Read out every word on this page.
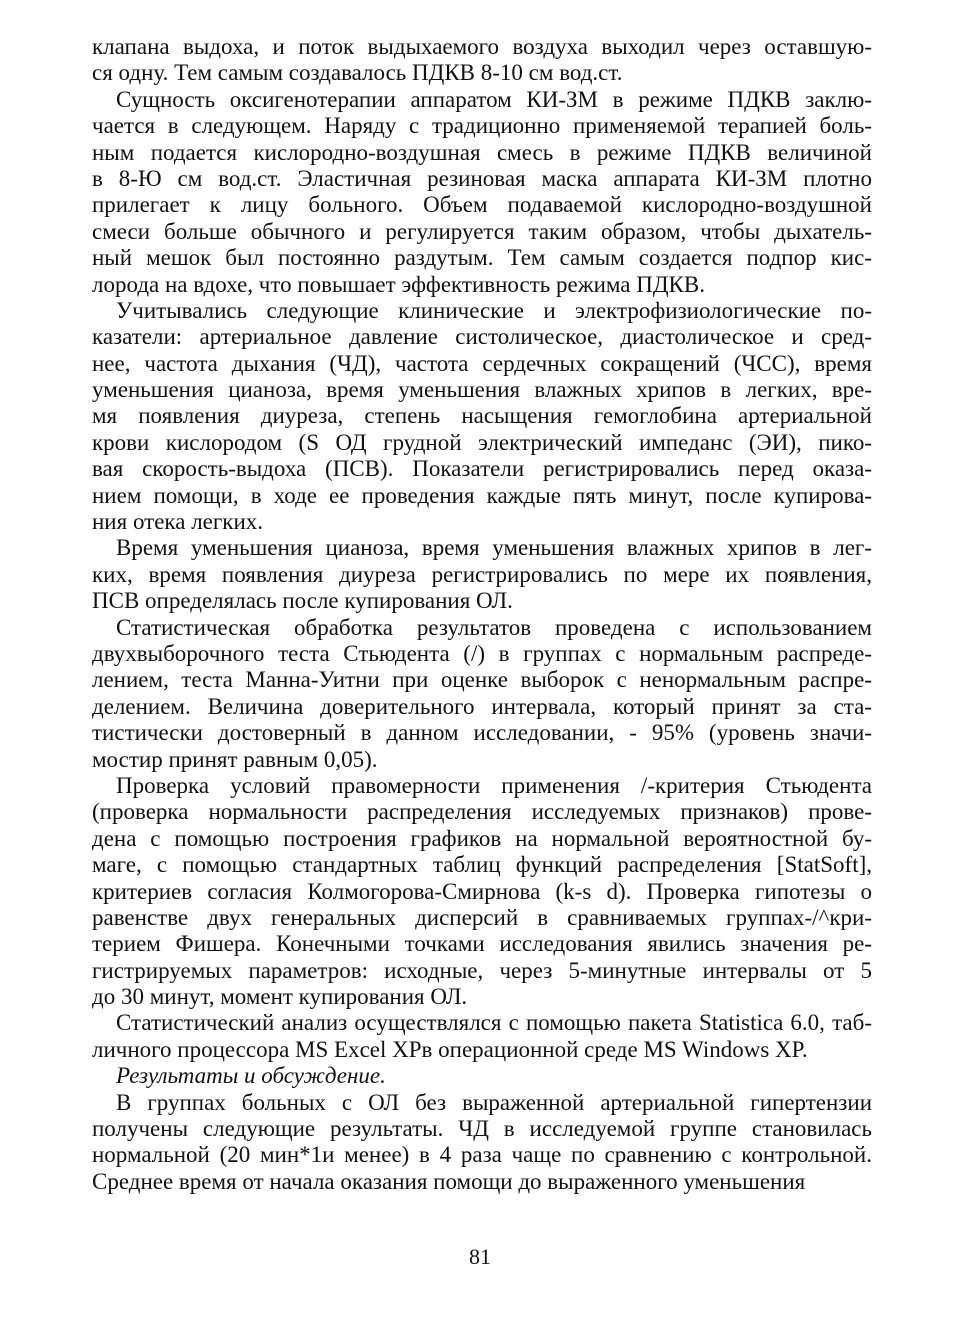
клапана выдоха, и поток выдыхаемого воздуха выходил через оставшую-
ся одну. Тем самым создавалось ПДКВ 8-10 см вод.ст.
Сущность оксигенотерапии аппаратом КИ-ЗМ в режиме ПДКВ заклю-
чается в следующем. Наряду с традиционно применяемой терапией боль-
ным подается кислородно-воздушная смесь в режиме ПДКВ величиной
в 8-Ю см вод.ст. Эластичная резиновая маска аппарата КИ-ЗМ плотно
прилегает к лицу больного. Объем подаваемой кислородно-воздушной
смеси больше обычного и регулируется таким образом, чтобы дыхатель-
ный мешок был постоянно раздутым. Тем самым создается подпор кис-
лорода на вдохе, что повышает эффективность режима ПДКВ.
Учитывались следующие клинические и электрофизиологические по-
казатели: артериальное давление систолическое, диастолическое и сред-
нее, частота дыхания (ЧД), частота сердечных сокращений (ЧСС), время
уменьшения цианоза, время уменьшения влажных хрипов в легких, вре-
мя появления диуреза, степень насыщения гемоглобина артериальной
крови кислородом (S ОД грудной электрический импеданс (ЭИ), пико-
вая скорость-выдоха (ПСВ). Показатели регистрировались перед оказа-
нием помощи, в ходе ее проведения каждые пять минут, после купирова-
ния отека легких.
Время уменьшения цианоза, время уменьшения влажных хрипов в лег-
ких, время появления диуреза регистрировались по мере их появления,
ПСВ определялась после купирования ОЛ.
Статистическая обработка результатов проведена с использованием
двухвыборочного теста Стьюдента (/) в группах с нормальным распреде-
лением, теста Манна-Уитни при оценке выборок с ненормальным распре-
делением. Величина доверительного интервала, который принят за ста-
тистически достоверный в данном исследовании, - 95% (уровень значи-
мостиp принят равным 0,05).
Проверка условий правомерности применения /-критерия Стьюдента
(проверка нормальности распределения исследуемых признаков) прове-
дена с помощью построения графиков на нормальной вероятностной бу-
маге, с помощью стандартных таблиц функций распределения [StatSoft],
критериев согласия Колмогорова-Смирнова (k-s d). Проверка гипотезы о
равенстве двух генеральных дисперсий в сравниваемых группах-/^кри-
терием Фишера. Конечными точками исследования явились значения ре-
гистрируемых параметров: исходные, через 5-минутные интервалы от 5
до 30 минут, момент купирования ОЛ.
Статистический анализ осуществлялся с помощью пакета Statistica 6.0, таб-
личного процессора MS Excel XPв операционной среде MS Windows XP.
Результаты и обсуждение.
В группах больных с ОЛ без выраженной артериальной гипертензии
получены следующие результаты. ЧД в исследуемой группе становилась
нормальной (20 мин*1и менее) в 4 раза чаще по сравнению с контрольной.
Среднее время от начала оказания помощи до выраженного уменьшения
81
